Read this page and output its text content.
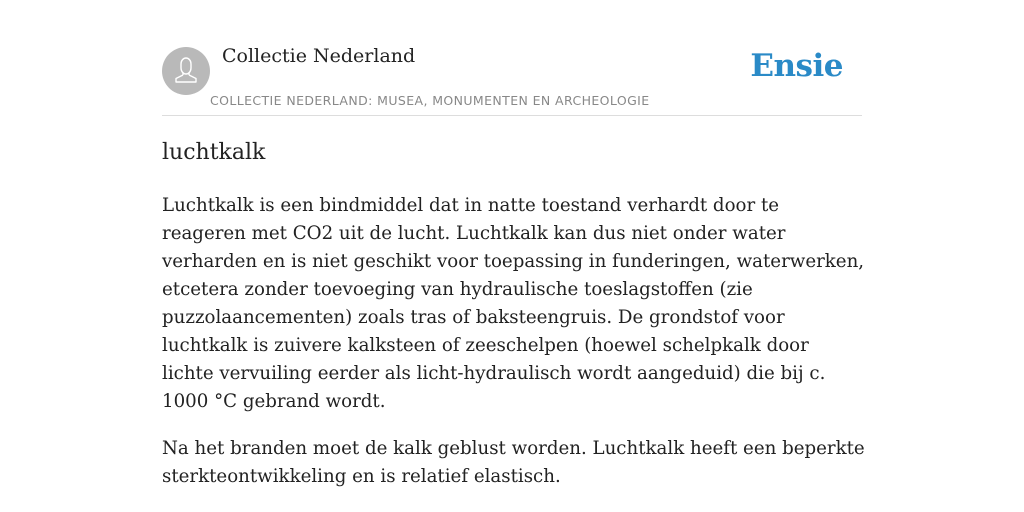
Collectie Nederland
COLLECTIE NEDERLAND: MUSEA, MONUMENTEN EN ARCHEOLOGIE
Ensie
luchtkalk

Luchtkalk is een bindmiddel dat in natte toestand verhardt door te reageren met CO2 uit de lucht. Luchtkalk kan dus niet onder water verharden en is niet geschikt voor toepassing in funderingen, waterwerken, etcetera zonder toevoeging van hydraulische toeslagstoffen (zie puzzolaancementen) zoals tras of baksteengruis. De grondstof voor luchtkalk is zuivere kalksteen of zeeschelpen (hoewel schelpkalk door lichte vervuiling eerder als licht-hydraulisch wordt aangeduid) die bij c. 1000 °C gebrand wordt.

Na het branden moet de kalk geblust worden. Luchtkalk heeft een beperkte sterkteontwikkeling en is relatief elastisch.
